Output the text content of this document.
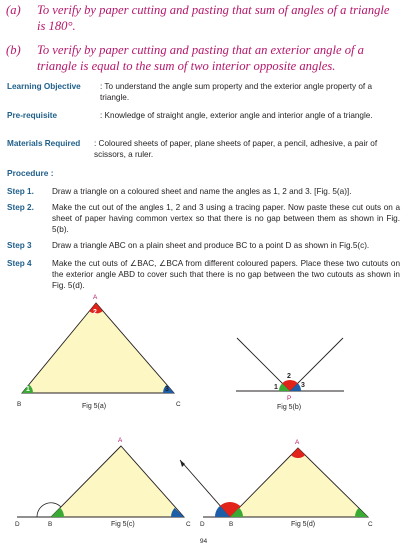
(a) To verify by paper cutting and pasting that sum of angles of a triangle is 180°.
(b) To verify by paper cutting and pasting that an exterior angle of a triangle is equal to the sum of two interior opposite angles.
Learning Objective : To understand the angle sum property and the exterior angle property of a triangle.
Pre-requisite	: Knowledge of straight angle, exterior angle and interior angle of a triangle.
Materials Required : Coloured sheets of paper, plane sheets of paper, a pencil, adhesive, a pair of scissors, a ruler.
Procedure :
Step 1. Draw a triangle on a coloured sheet and name the angles as 1, 2 and 3. [Fig. 5(a)].
Step 2. Make the cut out of the angles 1, 2 and 3 using a tracing paper. Now paste these cut outs on a sheet of paper having common vertex so that there is no gap between them as shown in Fig. 5(b).
Step 3 Draw a triangle ABC on a plain sheet and produce BC to a point D as shown in Fig.5(c).
Step 4 Make the cut outs of ∠BAC, ∠BCA from different coloured papers. Place these two cutouts on the exterior angle ABD to cover such that there is no gap between the two cutouts as shown in Fig. 5(d).
2
1	3
A
B	C
Fig 5(a)
1
2
3
P
Fig 5(b)
A
B	C
D	Fig 5(c)
A
B	C
D	Fig 5(d)
94
